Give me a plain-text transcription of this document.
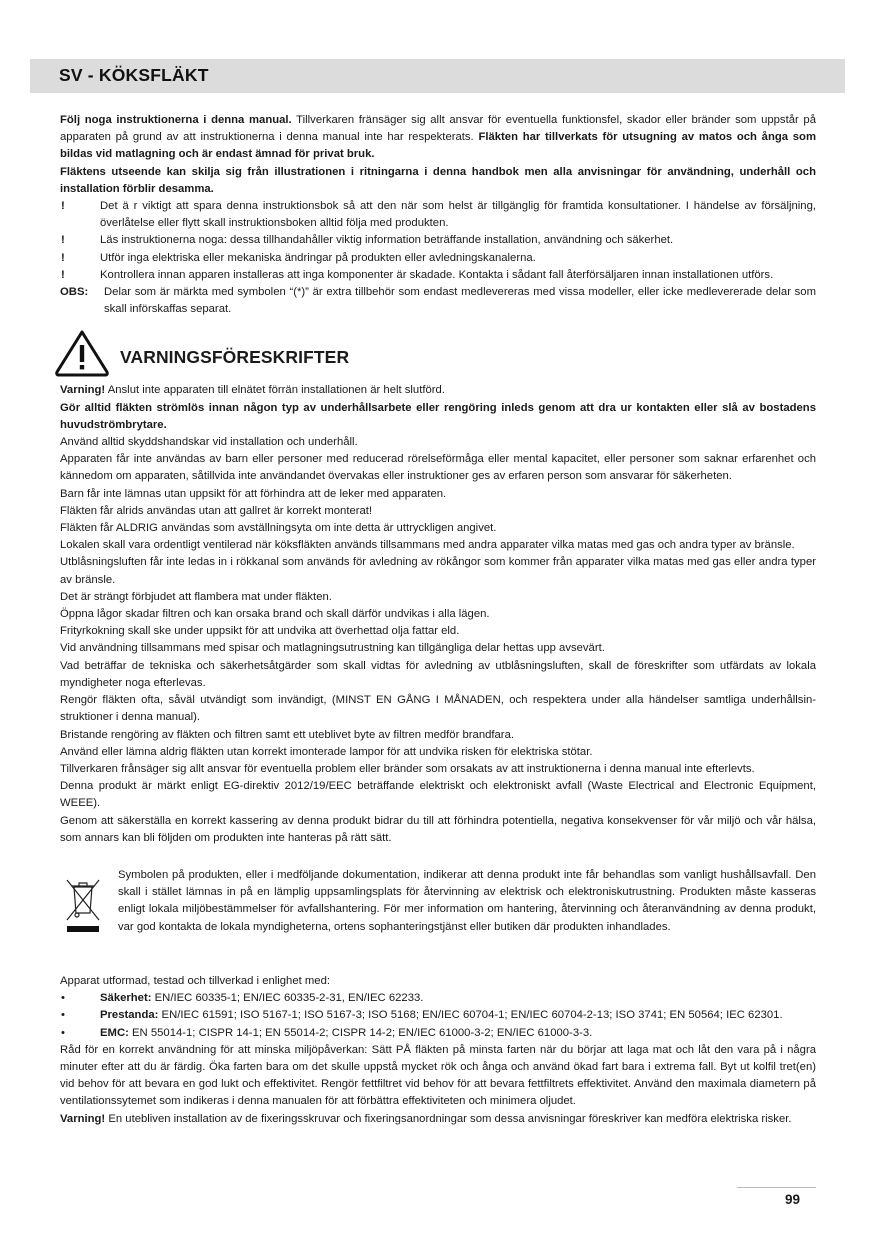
SV - KÖKSFLÄKT

Följ noga instruktionerna i denna manual. Tillverkaren fränsäger sig allt ansvar för eventuella funktionsfel, skador eller bränder som uppstår på apparaten på grund av att instruktionerna i denna manual inte har respekterats. Fläkten har tillverkats för utsugning av matos och ånga som bildas vid matlagning och är endast ämnad för privat bruk.

Fläktens utseende kan skilja sig från illustrationen i ritningarna i denna handbok men alla anvisningar för användning, underhåll och installation förblir desamma.

!	Det ä r viktigt att spara denna instruktionsbok så att den när som helst är tillgänglig för framtida konsultationer. I händelse av försäljning, överlåtelse eller flytt skall instruktionsboken alltid följa med produkten.
!	Läs instruktionerna noga: dessa tillhandahåller viktig information beträffande installation, användning och säkerhet.
!	Utför inga elektriska eller mekaniska ändringar på produkten eller avledningskanalerna.
!	Kontrollera innan apparen installeras att inga komponenter är skadade. Kontakta i sådant fall återförsäljaren innan installationen utförs.
OBS: Delar som är märkta med symbolen “(*)” är extra tillbehör som endast medlevereras med vissa modeller, eller icke medlevererade delar som skall införskaffas separat.
VARNINGSFÖRESKRIFTER

Varning! Anslut inte apparaten till elnätet förrän installationen är helt slutförd.

Gör alltid fläkten strömlös innan någon typ av underhållsarbete eller rengöring inleds genom att dra ur kontakten eller slå av bostadens huvudströmbrytare.

Använd alltid skyddshandskar vid installation och underhåll.

Apparaten får inte användas av barn eller personer med reducerad rörelseförmåga eller mental kapacitet, eller personer som saknar erfarenhet och kännedom om apparaten, såtillvida inte användandet övervakas eller instruktioner ges av erfaren person som ansvarar för säkerheten.

Barn får inte lämnas utan uppsikt för att förhindra att de leker med apparaten.

Fläkten får alrids användas utan att gallret är korrekt monterat!

Fläkten får ALDRIG användas som avställningsyta om inte detta är uttryckligen angivet.

Lokalen skall vara ordentligt ventilerad när köksfläkten används tillsammans med andra apparater vilka matas med gas och andra typer av bränsle.

Utblåsningsluften får inte ledas in i rökkanal som används för avledning av rökångor som kommer från apparater vilka matas med gas eller andra typer av bränsle.

Det är strängt förbjudet att flambera mat under fläkten.

Öppna lågor skadar filtren och kan orsaka brand och skall därför undvikas i alla lägen.

Frityrkokning skall ske under uppsikt för att undvika att överhettad olja fattar eld.

Vid användning tillsammans med spisar och matlagningsutrustning kan tillgängliga delar hettas upp avsevärt.

Vad beträffar de tekniska och säkerhetsåtgärder som skall vidtas för avledning av utblåsningsluften, skall de föreskrifter som utfärdats av lokala myndigheter noga efterlevas.

Rengör fläkten ofta, såväl utvändigt som invändigt, (MINST EN GÅNG I MÅNADEN, och respektera under alla händelser samtliga underhållsin-struktioner i denna manual).

Bristande rengöring av fläkten och filtren samt ett uteblivet byte av filtren medför brandfara.

Använd eller lämna aldrig fläkten utan korrekt imonterade lampor för att undvika risken för elektriska stötar.

Tillverkaren frånsäger sig allt ansvar för eventuella problem eller bränder som orsakats av att instruktionerna i denna manual inte efterlevts.

Denna produkt är märkt enligt EG-direktiv 2012/19/EEC beträffande elektriskt och elektroniskt avfall (Waste Electrical and Electronic Equipment, WEEE).

Genom att säkerställa en korrekt kassering av denna produkt bidrar du till att förhindra potentiella, negativa konsekvenser för vår miljö och vår hälsa, som annars kan bli följden om produkten inte hanteras på rätt sätt.

Symbolen på produkten, eller i medföljande dokumentation, indikerar att denna produkt inte får behandlas som vanligt hushållsavfall. Den skall i stället lämnas in på en lämplig uppsamlingsplats för återvinning av elektrisk och elektroniskutrustning. Produkten måste kasseras enligt lokala miljöbestämmelser för avfallshantering. För mer information om hantering, återvinning och återanvändning av denna produkt, var god kontakta de lokala myndigheterna, ortens sophanteringstjänst eller butiken där produkten inhandlades.

Apparat utformad, testad och tillverkad i enlighet med:

•	Säkerhet: EN/IEC 60335-1; EN/IEC 60335-2-31, EN/IEC 62233.
•	Prestanda: EN/IEC 61591; ISO 5167-1; ISO 5167-3; ISO 5168; EN/IEC 60704-1; EN/IEC 60704-2-13; ISO 3741; EN 50564; IEC 62301.
•	EMC: EN 55014-1; CISPR 14-1; EN 55014-2; CISPR 14-2; EN/IEC 61000-3-2; EN/IEC 61000-3-3.

Råd för en korrekt användning för att minska miljöpåverkan: Sätt PÅ fläkten på minsta farten när du börjar att laga mat och låt den vara på i några minuter efter att du är färdig. Öka farten bara om det skulle uppstå mycket rök och ånga och använd ökad fart bara i extrema fall. Byt ut kolfil tret(en) vid behov för att bevara en god lukt och effektivitet. Rengör fettfiltret vid behov för att bevara fettfiltrets effektivitet. Använd den maximala diametern på ventilationssytemet som indikeras i denna manualen för att förbättra effektiviteten och minimera oljudet.

Varning! En utebliven installation av de fixeringsskruvar och fixeringsanordningar som dessa anvisningar föreskriver kan medföra elektriska risker.

99
